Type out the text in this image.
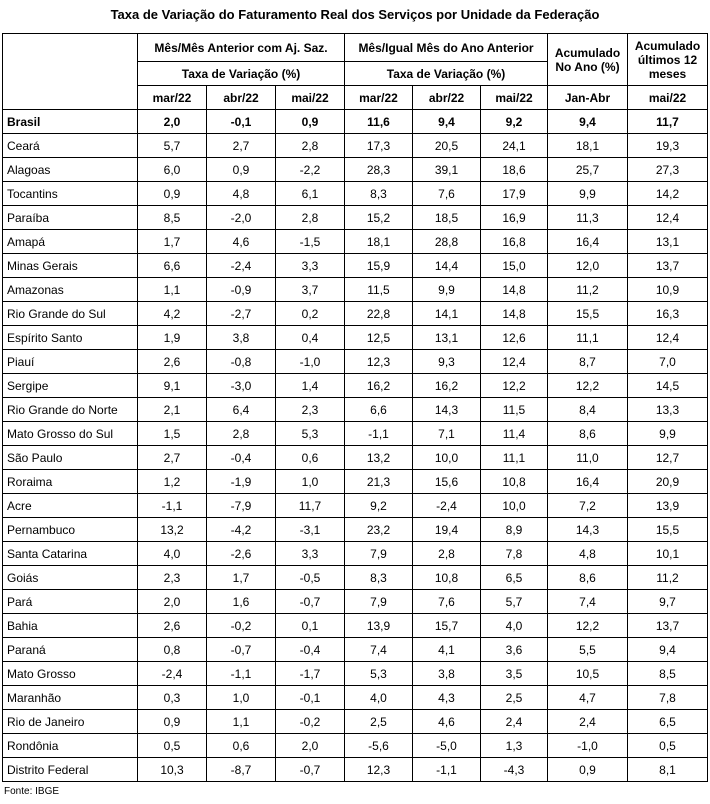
Taxa de Variação do Faturamento Real dos Serviços por Unidade da Federação
	Mês/Mês Anterior com Aj. Saz.			Mês/Igual Mês do Ano Anterior			Acumulado No Ano (%)	Acumulado últimos 12 meses
	Taxa de Variação (%)			Taxa de Variação (%)				
	mar/22	abr/22	mai/22	mar/22	abr/22	mai/22	Jan-Abr	mai/22
Brasil	2,0	-0,1	0,9	11,6	9,4	9,2	9,4	11,7
Ceará	5,7	2,7	2,8	17,3	20,5	24,1	18,1	19,3
Alagoas	6,0	0,9	-2,2	28,3	39,1	18,6	25,7	27,3
Tocantins	0,9	4,8	6,1	8,3	7,6	17,9	9,9	14,2
Paraíba	8,5	-2,0	2,8	15,2	18,5	16,9	11,3	12,4
Amapá	1,7	4,6	-1,5	18,1	28,8	16,8	16,4	13,1
Minas Gerais	6,6	-2,4	3,3	15,9	14,4	15,0	12,0	13,7
Amazonas	1,1	-0,9	3,7	11,5	9,9	14,8	11,2	10,9
Rio Grande do Sul	4,2	-2,7	0,2	22,8	14,1	14,8	15,5	16,3
Espírito Santo	1,9	3,8	0,4	12,5	13,1	12,6	11,1	12,4
Piauí	2,6	-0,8	-1,0	12,3	9,3	12,4	8,7	7,0
Sergipe	9,1	-3,0	1,4	16,2	16,2	12,2	12,2	14,5
Rio Grande do Norte	2,1	6,4	2,3	6,6	14,3	11,5	8,4	13,3
Mato Grosso do Sul	1,5	2,8	5,3	-1,1	7,1	11,4	8,6	9,9
São Paulo	2,7	-0,4	0,6	13,2	10,0	11,1	11,0	12,7
Roraima	1,2	-1,9	1,0	21,3	15,6	10,8	16,4	20,9
Acre	-1,1	-7,9	11,7	9,2	-2,4	10,0	7,2	13,9
Pernambuco	13,2	-4,2	-3,1	23,2	19,4	8,9	14,3	15,5
Santa Catarina	4,0	-2,6	3,3	7,9	2,8	7,8	4,8	10,1
Goiás	2,3	1,7	-0,5	8,3	10,8	6,5	8,6	11,2
Pará	2,0	1,6	-0,7	7,9	7,6	5,7	7,4	9,7
Bahia	2,6	-0,2	0,1	13,9	15,7	4,0	12,2	13,7
Paraná	0,8	-0,7	-0,4	7,4	4,1	3,6	5,5	9,4
Mato Grosso	-2,4	-1,1	-1,7	5,3	3,8	3,5	10,5	8,5
Maranhão	0,3	1,0	-0,1	4,0	4,3	2,5	4,7	7,8
Rio de Janeiro	0,9	1,1	-0,2	2,5	4,6	2,4	2,4	6,5
Rondônia	0,5	0,6	2,0	-5,6	-5,0	1,3	-1,0	0,5
Distrito Federal	10,3	-8,7	-0,7	12,3	-1,1	-4,3	0,9	8,1
Fonte: IBGE
